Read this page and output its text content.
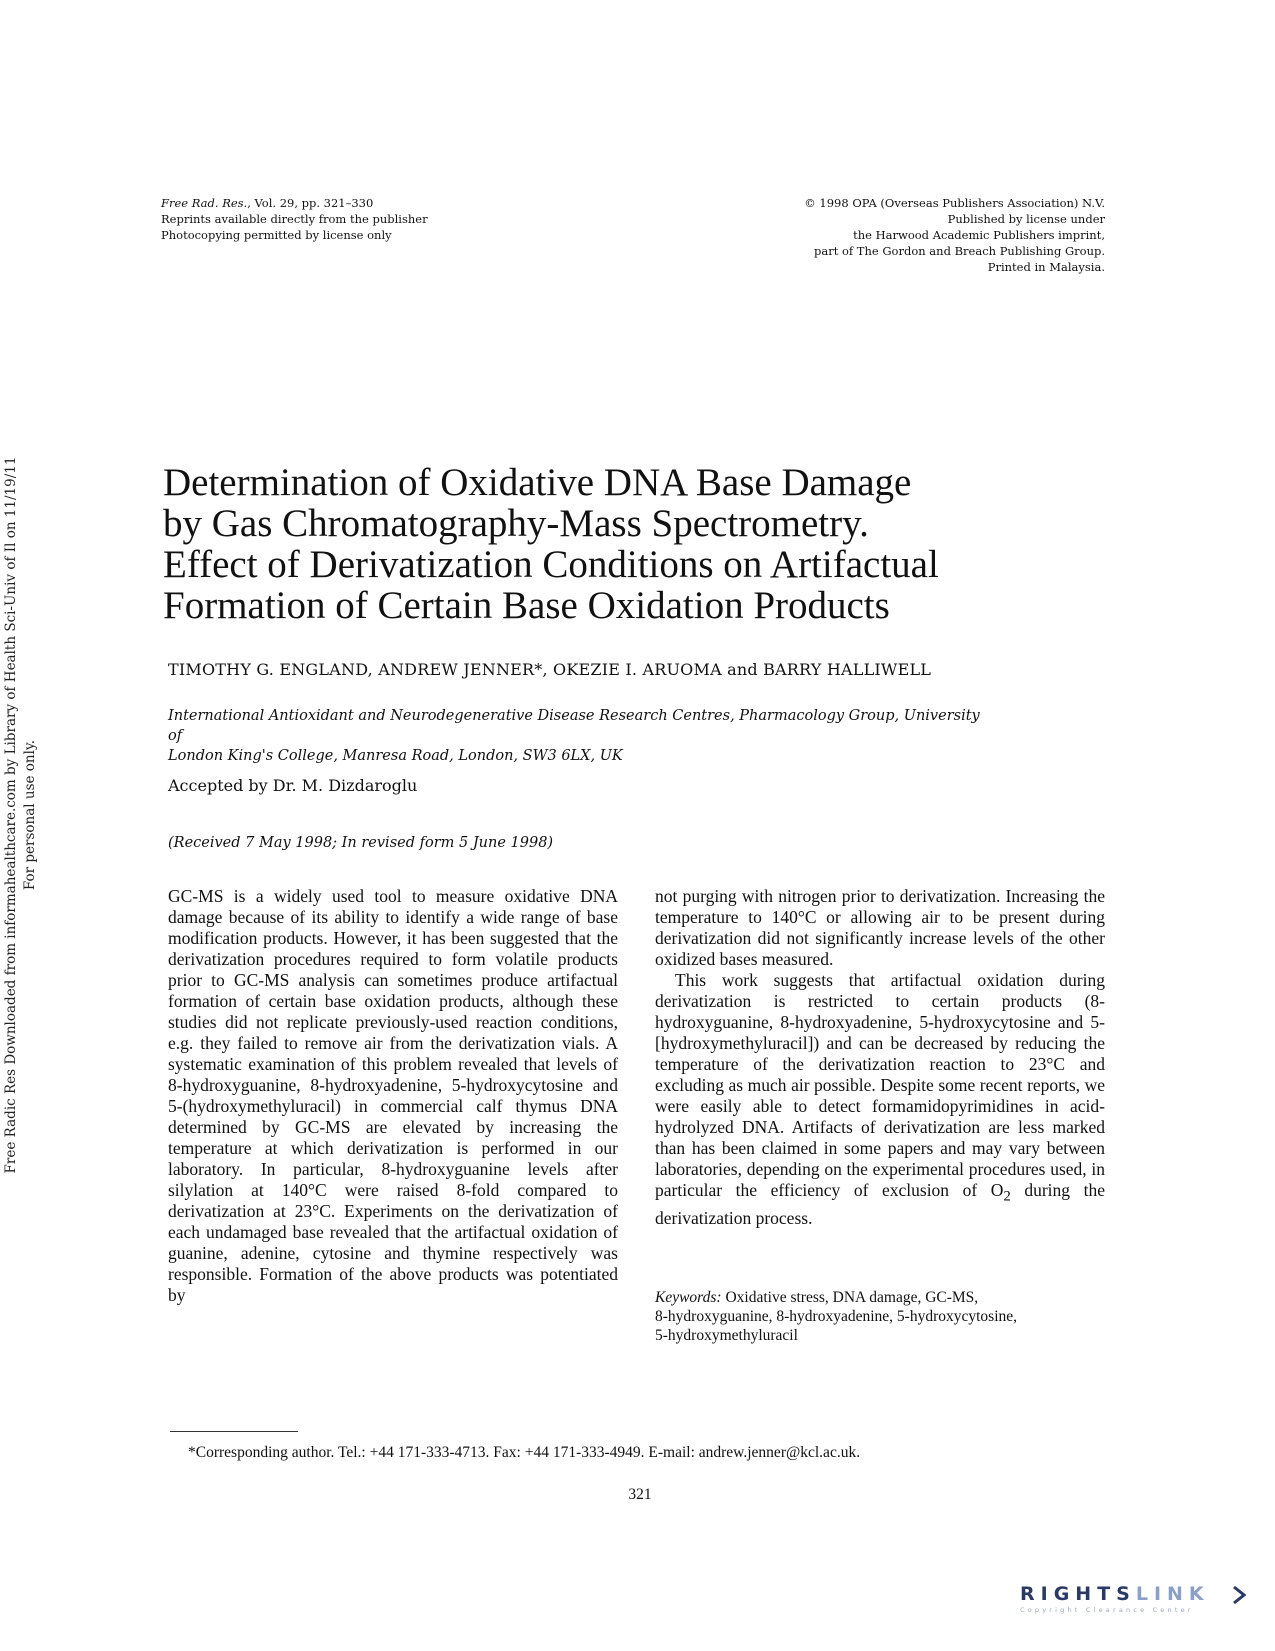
Free Rad. Res., Vol. 29, pp. 321–330
Reprints available directly from the publisher
Photocopying permitted by license only
© 1998 OPA (Overseas Publishers Association) N.V.
Published by license under
the Harwood Academic Publishers imprint,
part of The Gordon and Breach Publishing Group.
Printed in Malaysia.
Free Radic Res Downloaded from informahealthcare.com by Library of Health Sci-Univ of Il on 11/19/11 For personal use only.
Determination of Oxidative DNA Base Damage
by Gas Chromatography-Mass Spectrometry.
Effect of Derivatization Conditions on Artifactual
Formation of Certain Base Oxidation Products
TIMOTHY G. ENGLAND, ANDREW JENNER*, OKEZIE I. ARUOMA and BARRY HALLIWELL
International Antioxidant and Neurodegenerative Disease Research Centres, Pharmacology Group, University of
London King's College, Manresa Road, London, SW3 6LX, UK
Accepted by Dr. M. Dizdaroglu
(Received 7 May 1998; In revised form 5 June 1998)

GC-MS is a widely used tool to measure oxidative DNA damage because of its ability to identify a wide range of base modification products. However, it has been suggested that the derivatization procedures required to form volatile products prior to GC-MS analysis can sometimes produce artifactual formation of certain base oxidation products, although these studies did not replicate previously-used reaction conditions, e.g. they failed to remove air from the derivatization vials. A systematic examination of this problem revealed that levels of 8-hydroxyguanine, 8-hydroxyadenine, 5-hydroxycytosine and 5-(hydroxymethyluracil) in commercial calf thymus DNA determined by GC-MS are elevated by increasing the temperature at which derivatization is performed in our laboratory. In particular, 8-hydroxyguanine levels after silylation at 140°C were raised 8-fold compared to derivatization at 23°C. Experiments on the derivatization of each undamaged base revealed that the artifactual oxidation of guanine, adenine, cytosine and thymine respectively was responsible. Formation of the above products was potentiated by

not purging with nitrogen prior to derivatization. Increasing the temperature to 140°C or allowing air to be present during derivatization did not significantly increase levels of the other oxidized bases measured.
This work suggests that artifactual oxidation during derivatization is restricted to certain products (8-hydroxyguanine, 8-hydroxyadenine, 5-hydroxycytosine and 5-[hydroxymethyluracil]) and can be decreased by reducing the temperature of the derivatization reaction to 23°C and excluding as much air possible. Despite some recent reports, we were easily able to detect formamidopyrimidines in acid-hydrolyzed DNA. Artifacts of derivatization are less marked than has been claimed in some papers and may vary between laboratories, depending on the experimental procedures used, in particular the efficiency of exclusion of $O_2$ during the derivatization process.
Keywords: Oxidative stress, DNA damage, GC-MS,
8-hydroxyguanine, 8-hydroxyadenine, 5-hydroxycytosine,
5-hydroxymethyluracil
*Corresponding author. Tel.: +44 171-333-4713. Fax: +44 171-333-4949. E-mail: andrew.jenner@kcl.ac.uk.
321
RIGHTSLINK
Copyright Clearance Center
